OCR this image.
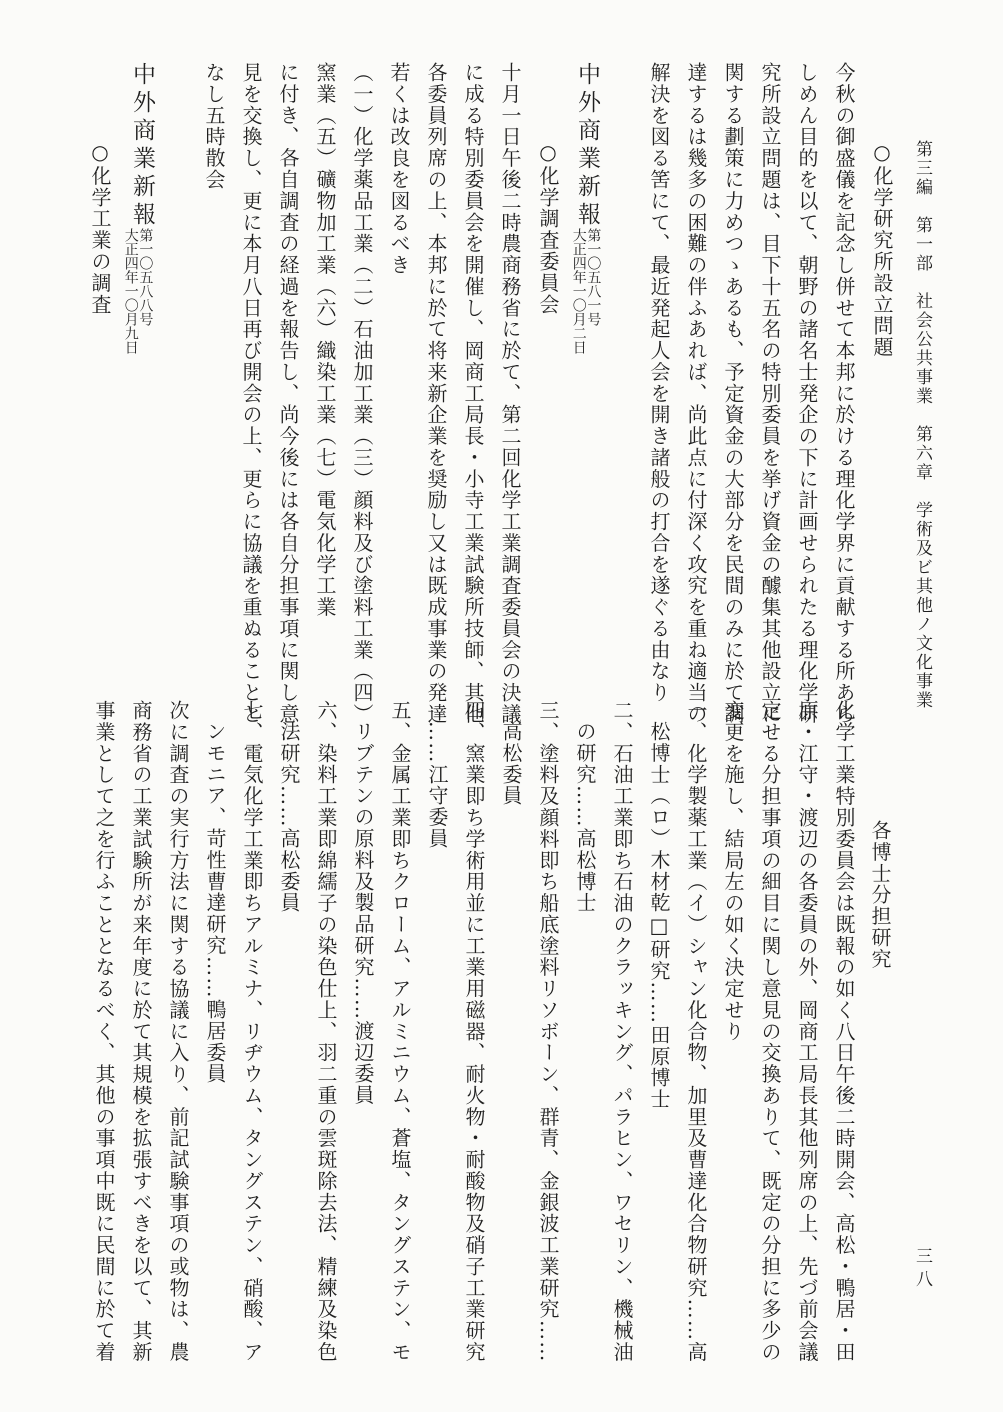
第三編　第一部　社会公共事業　第六章　学術及ビ其他ノ文化事業
三八
○化学研究所設立問題
今秋の御盛儀を記念し併せて本邦に於ける理化学界に貢献する所あら
しめん目的を以て、朝野の諸名士発企の下に計画せられたる理化学研
究所設立問題は、目下十五名の特別委員を挙げ資金の醵集其他設立に
関する劃策に力めつゝあるも、予定資金の大部分を民間のみに於て調
達するは幾多の困難の伴ふあれば、尚此点に付深く攻究を重ね適当の
解決を図る筈にて、最近発起人会を開き諸般の打合を遂ぐる由なり
中外商業新報
第一〇五八一号
大正四年一〇月二日
○化学調査委員会
十月一日午後二時農商務省に於て、第二回化学工業調査委員会の決議
に成る特別委員会を開催し、岡商工局長・小寺工業試験所技師、其他
各委員列席の上、本邦に於て将来新企業を奨励し又は既成事業の発達
若くは改良を図るべき
（一）化学薬品工業（二）石油加工業（三）顔料及び塗料工業（四）
窯業（五）礦物加工業（六）織染工業（七）電気化学工業
に付き、各自調査の経過を報告し、尚今後には各自分担事項に関し意
見を交換し、更に本月八日再び開会の上、更らに協議を重ぬることと
なし五時散会
中外商業新報
第一〇五八八号
大正四年一〇月九日
○化学工業の調査
各博士分担研究
化学工業特別委員会は既報の如く八日午後二時開会、高松・鴨居・田
原・江守・渡辺の各委員の外、岡商工局長其他列席の上、先づ前会議
定せる分担事項の細目に関し意見の交換ありて、既定の分担に多少の
変更を施し、結局左の如く決定せり
一、化学製薬工業（イ）シャン化合物、加里及曹達化合物研究……高
松博士（ロ）木材乾□研究……田原博士
二、石油工業即ち石油のクラッキング、パラヒン、ワセリン、機械油
の研究……高松博士
三、塗料及顔料即ち船底塗料リソボーン、群青、金銀波工業研究……
高松委員
四、窯業即ち学術用並に工業用磁器、耐火物・耐酸物及硝子工業研究
……江守委員
五、金属工業即ちクローム、アルミニウム、蒼塩、タングステン、モ
リブテンの原料及製品研究……渡辺委員
六、染料工業即綿繻子の染色仕上、羽二重の雲斑除去法、精練及染色
法研究……高松委員
七、電気化学工業即ちアルミナ、リヂウム、タングステン、硝酸、ア
ンモニア、苛性曹達研究……鴨居委員
次に調査の実行方法に関する協議に入り、前記試験事項の或物は、農
商務省の工業試験所が来年度に於て其規模を拡張すべきを以て、其新
事業として之を行ふこととなるべく、其他の事項中既に民間に於て着
